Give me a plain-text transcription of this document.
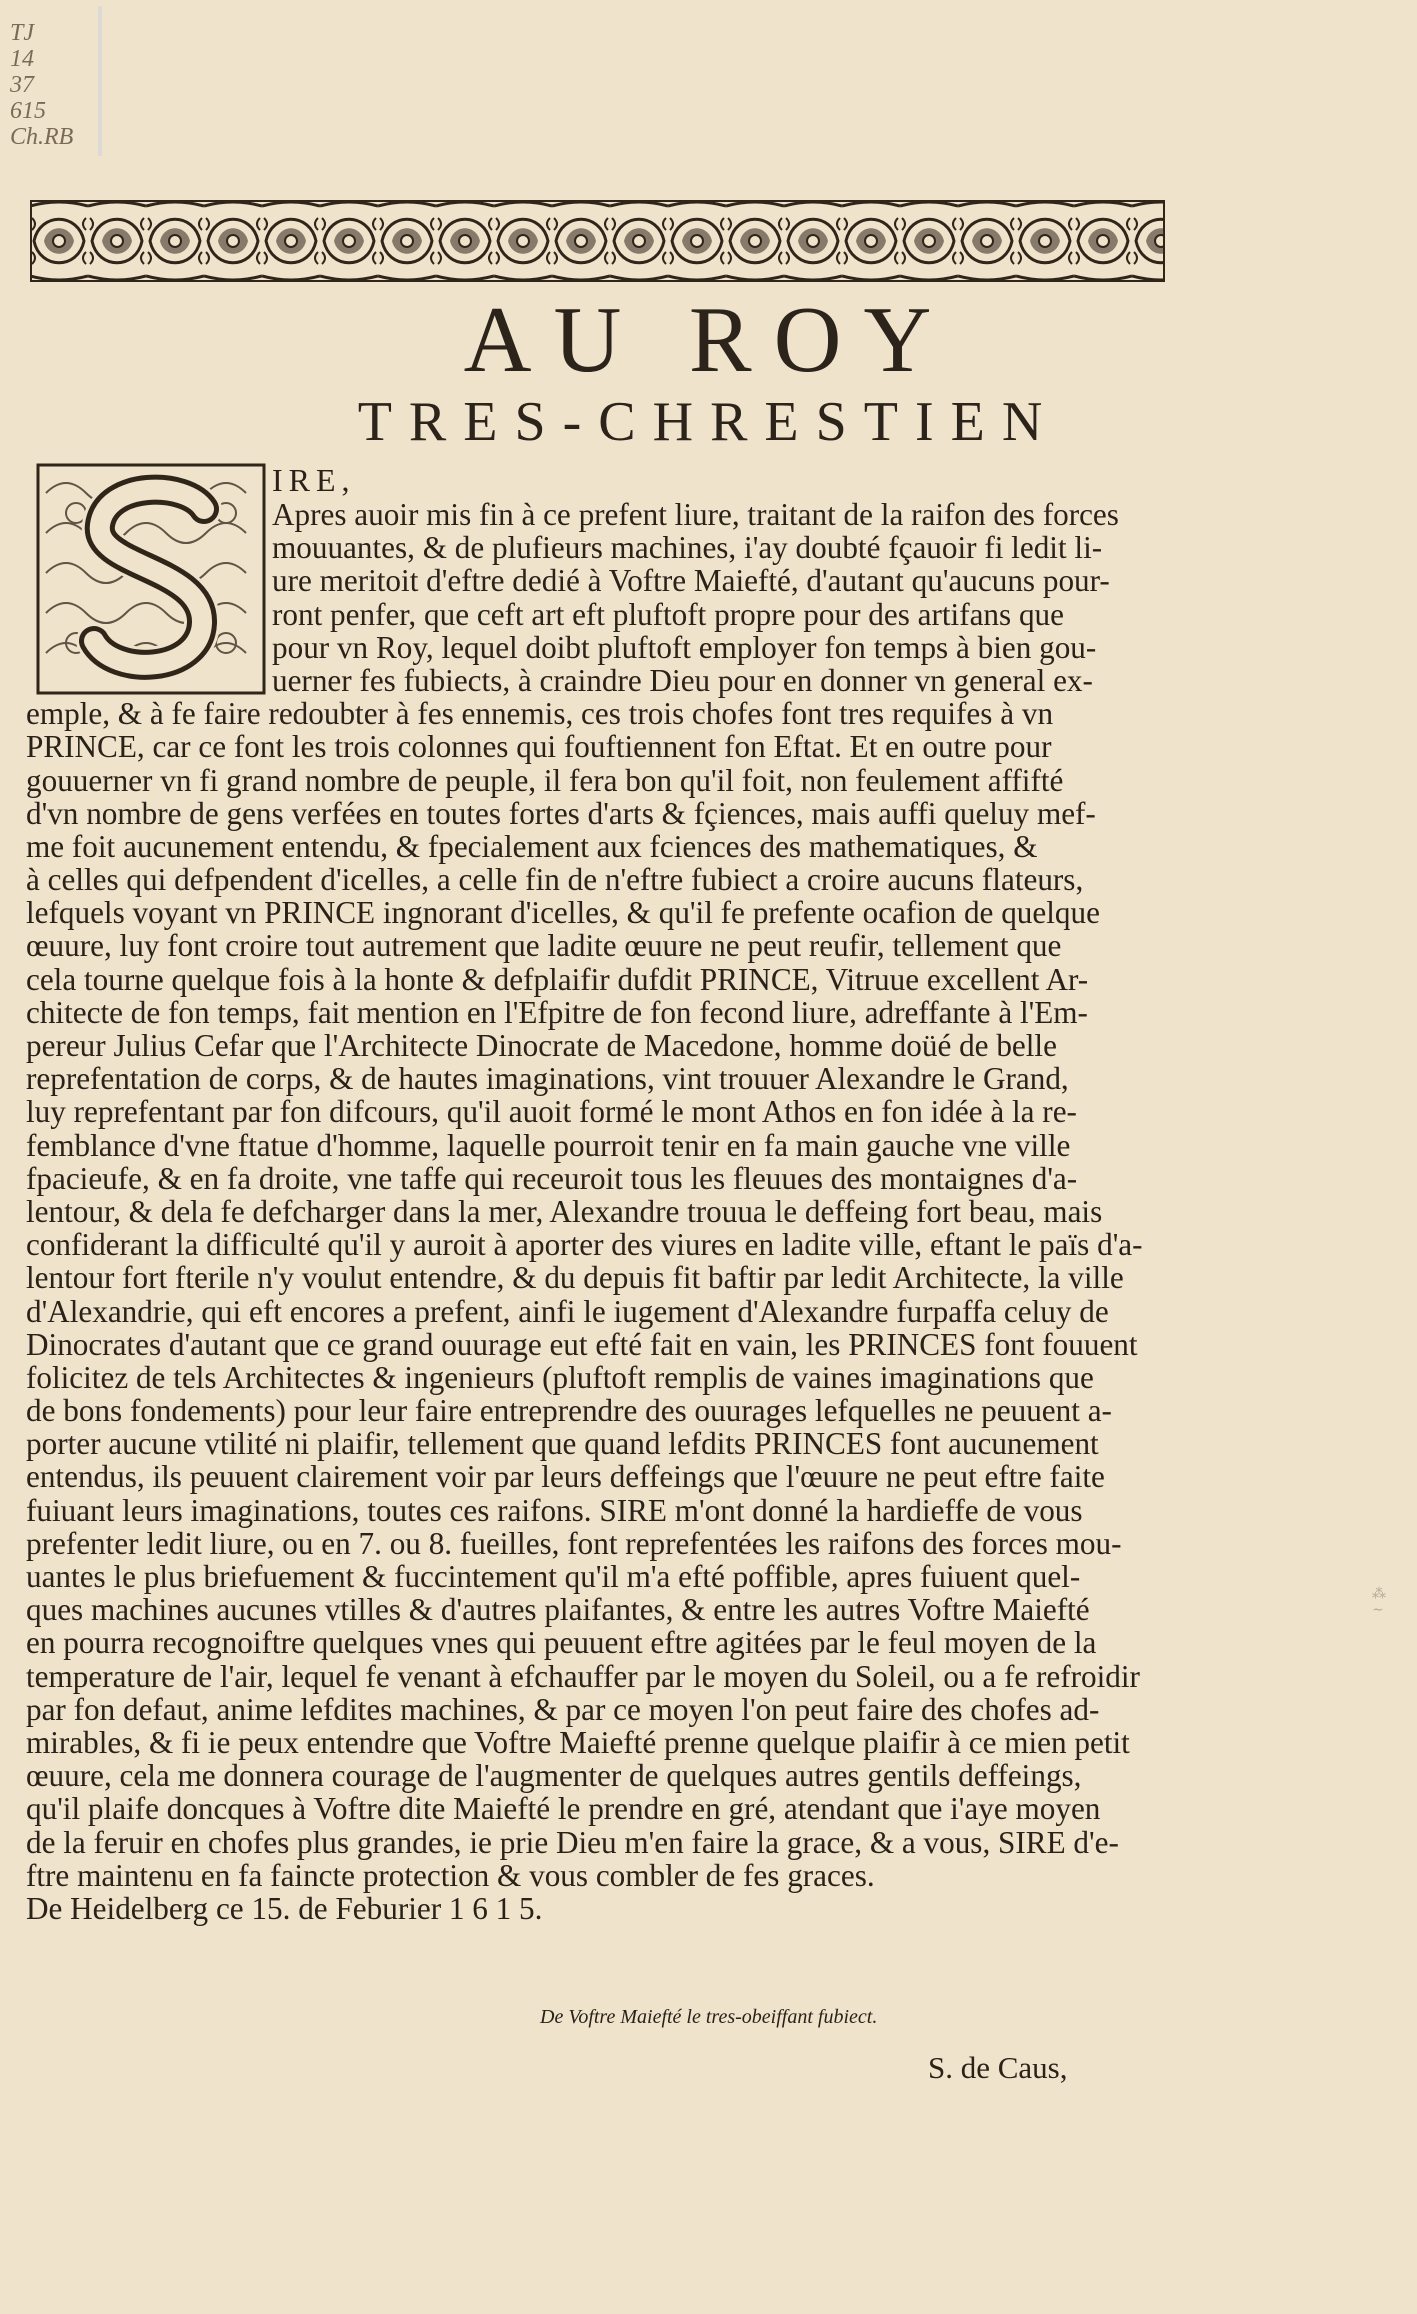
TJ
14
37
615
Ch.RB
AU ROY
TRES-CHRESTIEN
IRE,
Apres auoir mis fin à ce prefent liure, traitant de la raifon des forces
mouuantes, & de plufieurs machines, i'ay doubté fçauoir fi ledit li-
ure meritoit d'eftre dedié à Voftre Maiefté, d'autant qu'aucuns pour-
ront penfer, que ceft art eft pluftoft propre pour des artifans que
pour vn Roy, lequel doibt pluftoft employer fon temps à bien gou-
uerner fes fubiects, à craindre Dieu pour en donner vn general ex-
emple, & à fe faire redoubter à fes ennemis, ces trois chofes font tres requifes à vn
PRINCE, car ce font les trois colonnes qui fouftiennent fon Eftat. Et en outre pour
gouuerner vn fi grand nombre de peuple, il fera bon qu'il foit, non feulement affifté
d'vn nombre de gens verfées en toutes fortes d'arts & fçiences, mais auffi queluy mef-
me foit aucunement entendu, & fpecialement aux fciences des mathematiques, &
à celles qui defpendent d'icelles, a celle fin de n'eftre fubiect a croire aucuns flateurs,
lefquels voyant vn PRINCE ingnorant d'icelles, & qu'il fe prefente ocafion de quelque
œuure, luy font croire tout autrement que ladite œuure ne peut reufir, tellement que
cela tourne quelque fois à la honte & defplaifir dufdit PRINCE, Vitruue excellent Ar-
chitecte de fon temps, fait mention en l'Efpitre de fon fecond liure, adreffante à l'Em-
pereur Julius Cefar que l'Architecte Dinocrate de Macedone, homme doüé de belle
reprefentation de corps, & de hautes imaginations, vint trouuer Alexandre le Grand,
luy reprefentant par fon difcours, qu'il auoit formé le mont Athos en fon idée à la re-
femblance d'vne ftatue d'homme, laquelle pourroit tenir en fa main gauche vne ville
fpacieufe, & en fa droite, vne taffe qui receuroit tous les fleuues des montaignes d'a-
lentour, & dela fe defcharger dans la mer, Alexandre trouua le deffeing fort beau, mais
confiderant la difficulté qu'il y auroit à aporter des viures en ladite ville, eftant le païs d'a-
lentour fort fterile n'y voulut entendre, & du depuis fit baftir par ledit Architecte, la ville
d'Alexandrie, qui eft encores a prefent, ainfi le iugement d'Alexandre furpaffa celuy de
Dinocrates d'autant que ce grand ouurage eut efté fait en vain, les PRINCES font fouuent
folicitez de tels Architectes & ingenieurs (pluftoft remplis de vaines imaginations que
de bons fondements) pour leur faire entreprendre des ouurages lefquelles ne peuuent a-
porter aucune vtilité ni plaifir, tellement que quand lefdits PRINCES font aucunement
entendus, ils peuuent clairement voir par leurs deffeings que l'œuure ne peut eftre faite
fuiuant leurs imaginations, toutes ces raifons. SIRE m'ont donné la hardieffe de vous
prefenter ledit liure, ou en 7. ou 8. fueilles, font reprefentées les raifons des forces mou-
uantes le plus briefuement & fuccintement qu'il m'a efté poffible, apres fuiuent quel-
ques machines aucunes vtilles & d'autres plaifantes, & entre les autres Voftre Maiefté
en pourra recognoiftre quelques vnes qui peuuent eftre agitées par le feul moyen de la
temperature de l'air, lequel fe venant à efchauffer par le moyen du Soleil, ou a fe refroidir
par fon defaut, anime lefdites machines, & par ce moyen l'on peut faire des chofes ad-
mirables, & fi ie peux entendre que Voftre Maiefté prenne quelque plaifir à ce mien petit
œuure, cela me donnera courage de l'augmenter de quelques autres gentils deffeings,
qu'il plaife doncques à Voftre dite Maiefté le prendre en gré, atendant que i'aye moyen
de la feruir en chofes plus grandes, ie prie Dieu m'en faire la grace, & a vous, SIRE d'e-
ftre maintenu en fa faincte protection & vous combler de fes graces.
De Heidelberg ce 15. de Feburier 1 6 1 5.
De Voftre Maiefté le tres-obeiffant fubiect.
S. de Caus,
⁂
∼
